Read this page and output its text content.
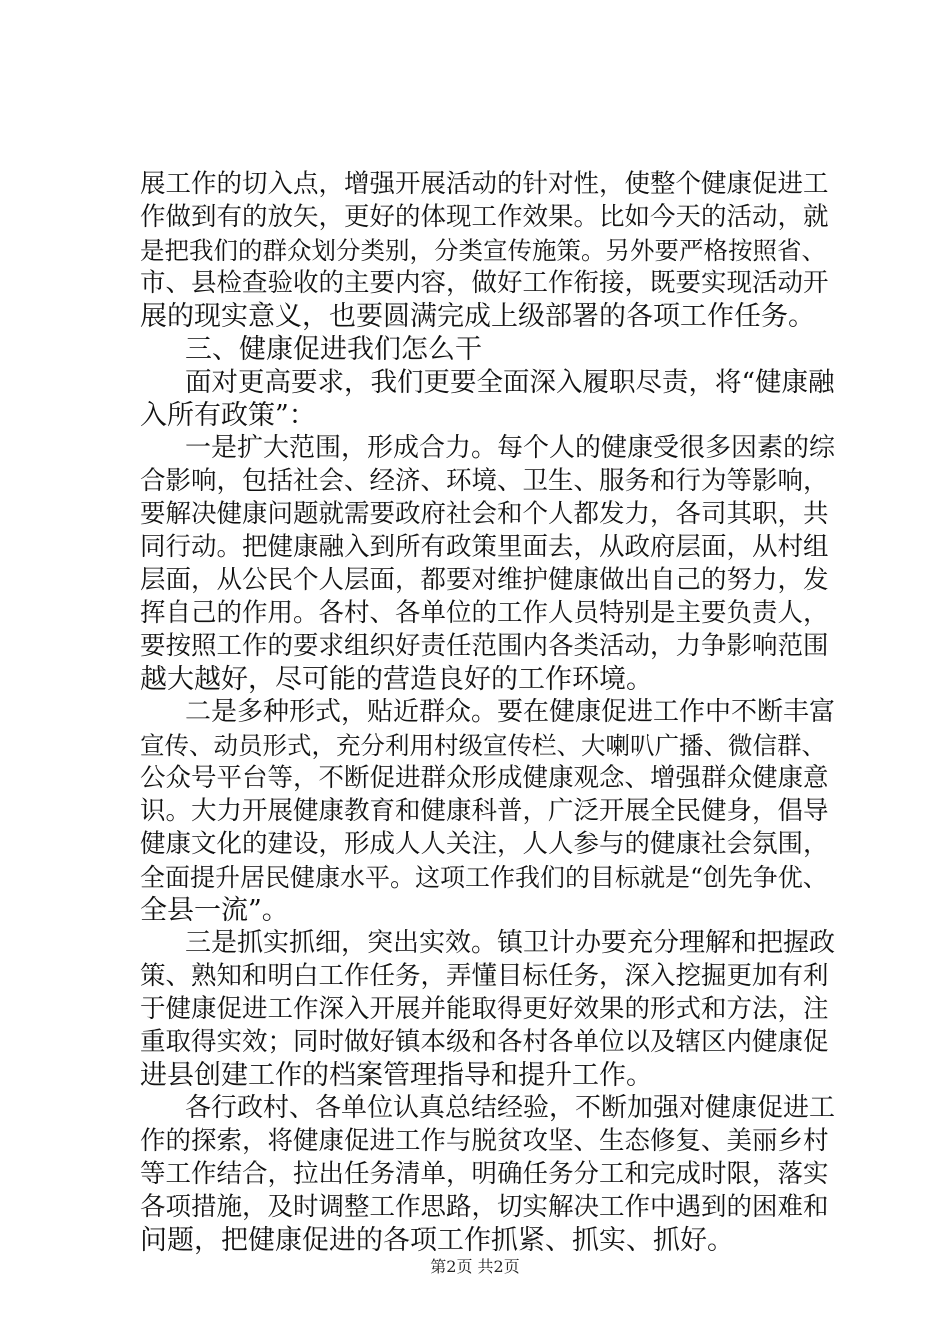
展工作的切入点，增强开展活动的针对性，使整个健康促进工
作做到有的放矢，更好的体现工作效果。比如今天的活动，就
是把我们的群众划分类别，分类宣传施策。另外要严格按照省、
市、县检查验收的主要内容，做好工作衔接，既要实现活动开
展的现实意义，也要圆满完成上级部署的各项工作任务。
三、健康促进我们怎么干
面对更高要求，我们更要全面深入履职尽责，将“健康融
入所有政策”：
一是扩大范围，形成合力。每个人的健康受很多因素的综
合影响，包括社会、经济、环境、卫生、服务和行为等影响，
要解决健康问题就需要政府社会和个人都发力，各司其职，共
同行动。把健康融入到所有政策里面去，从政府层面，从村组
层面，从公民个人层面，都要对维护健康做出自己的努力，发
挥自己的作用。各村、各单位的工作人员特别是主要负责人，
要按照工作的要求组织好责任范围内各类活动，力争影响范围
越大越好，尽可能的营造良好的工作环境。
二是多种形式，贴近群众。要在健康促进工作中不断丰富
宣传、动员形式，充分利用村级宣传栏、大喇叭广播、微信群、
公众号平台等，不断促进群众形成健康观念、增强群众健康意
识。大力开展健康教育和健康科普，广泛开展全民健身，倡导
健康文化的建设，形成人人关注，人人参与的健康社会氛围，
全面提升居民健康水平。这项工作我们的目标就是“创先争优、
全县一流”。
三是抓实抓细，突出实效。镇卫计办要充分理解和把握政
策、熟知和明白工作任务，弄懂目标任务，深入挖掘更加有利
于健康促进工作深入开展并能取得更好效果的形式和方法，注
重取得实效；同时做好镇本级和各村各单位以及辖区内健康促
进县创建工作的档案管理指导和提升工作。
各行政村、各单位认真总结经验，不断加强对健康促进工
作的探索，将健康促进工作与脱贫攻坚、生态修复、美丽乡村
等工作结合，拉出任务清单，明确任务分工和完成时限，落实
各项措施，及时调整工作思路，切实解决工作中遇到的困难和
问题，把健康促进的各项工作抓紧、抓实、抓好。
第2页 共2页
